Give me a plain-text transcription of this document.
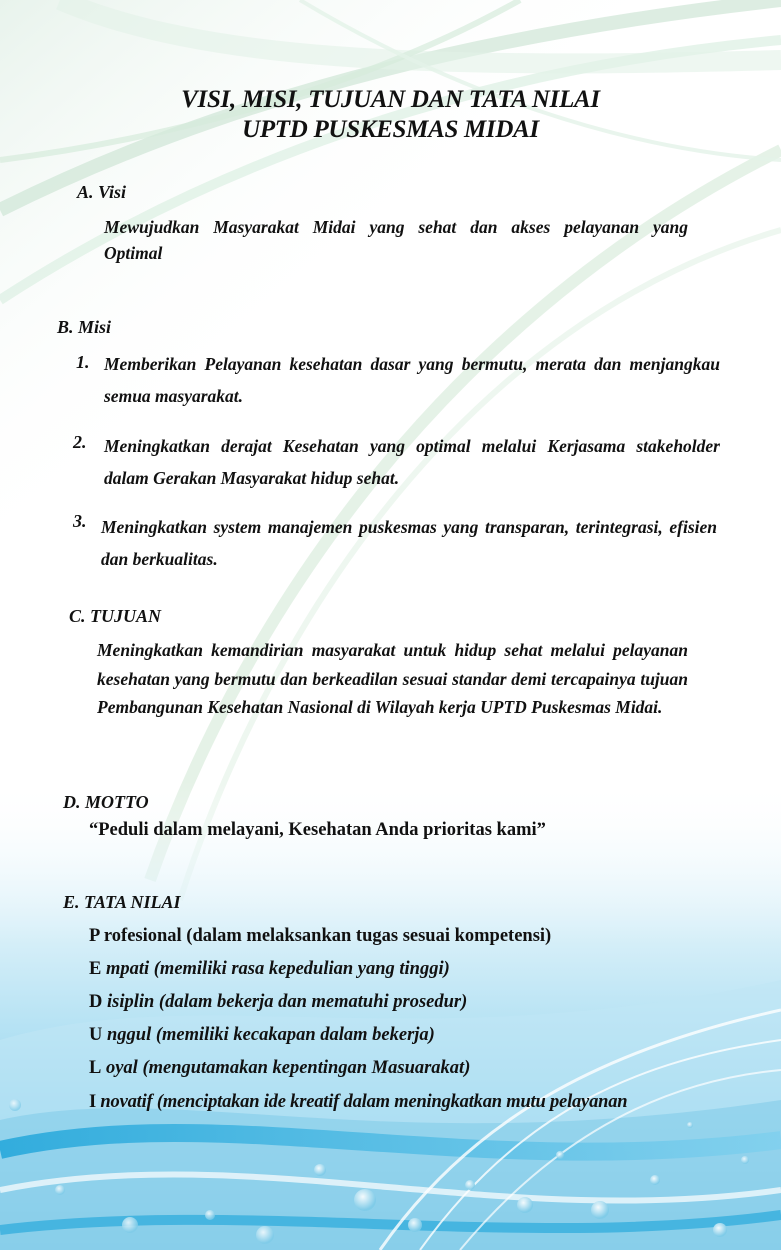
VISI, MISI, TUJUAN DAN TATA NILAI
UPTD PUSKESMAS MIDAI
A. Visi
Mewujudkan Masyarakat Midai yang sehat dan akses pelayanan yang
Optimal
B. Misi
1. Memberikan Pelayanan kesehatan dasar yang bermutu, merata dan menjangkau semua masyarakat.
2. Meningkatkan derajat Kesehatan yang optimal melalui Kerjasama stakeholder dalam Gerakan Masyarakat hidup sehat.
3. Meningkatkan system manajemen puskesmas yang transparan, terintegrasi, efisien dan berkualitas.
C. TUJUAN
Meningkatkan kemandirian masyarakat untuk hidup sehat melalui pelayanan kesehatan yang bermutu dan berkeadilan sesuai standar demi tercapainya tujuan Pembangunan Kesehatan Nasional di Wilayah kerja UPTD Puskesmas Midai.
D. MOTTO
“Peduli dalam melayani, Kesehatan Anda prioritas kami”
E. TATA NILAI
P rofesional (dalam melaksankan tugas sesuai kompetensi)
E mpati (memiliki rasa kepedulian yang tinggi)
D isiplin (dalam bekerja dan mematuhi prosedur)
U nggul (memiliki kecakapan dalam bekerja)
L oyal (mengutamakan kepentingan Masuarakat)
I novatif (menciptakan ide kreatif dalam meningkatkan mutu pelayanan
